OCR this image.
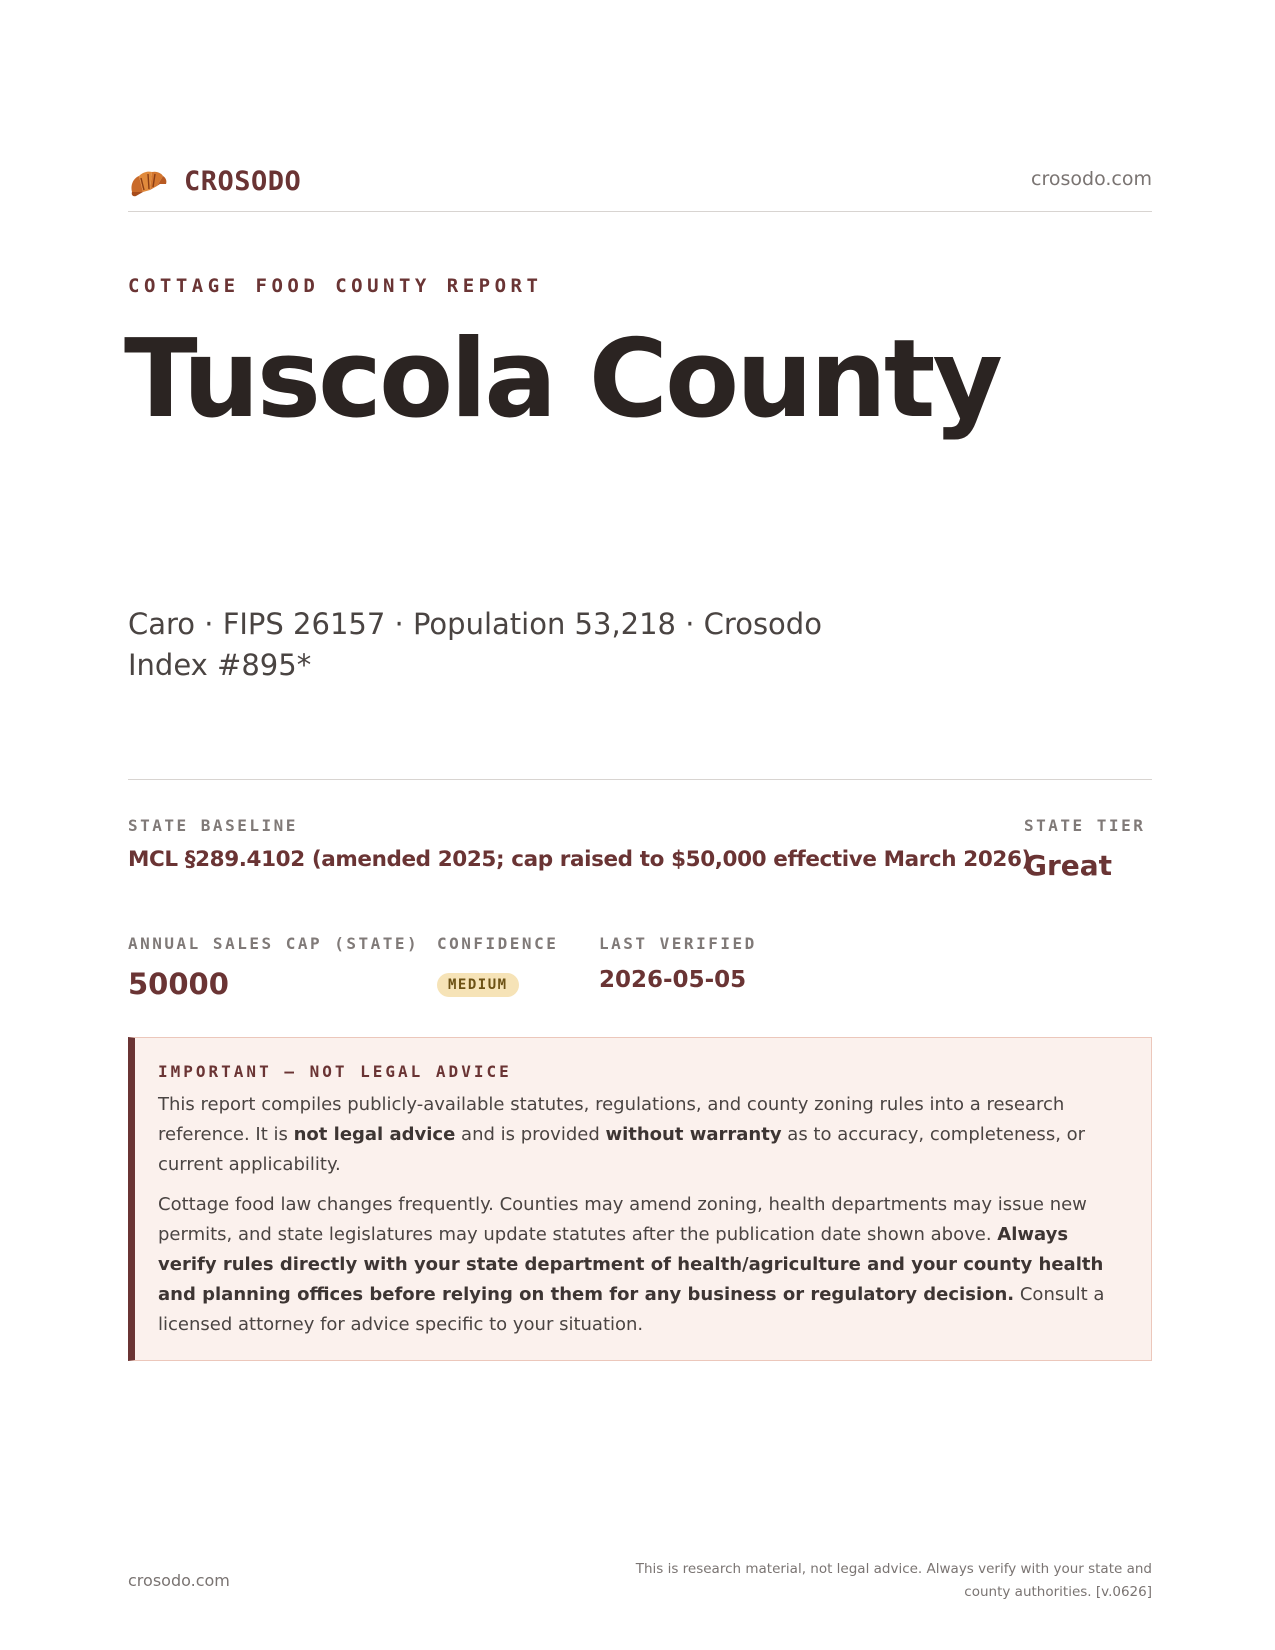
CROSODO	crosodo.com
COTTAGE FOOD COUNTY REPORT
Tuscola County
Caro · FIPS 26157 · Population 53,218 · Crosodo Index #895*
STATE BASELINE
MCL §289.4102 (amended 2025; cap raised to $50,000 effective March 2026)
STATE TIER
Great
ANNUAL SALES CAP (STATE)
50000
CONFIDENCE
MEDIUM
LAST VERIFIED
2026-05-05
IMPORTANT — NOT LEGAL ADVICE

This report compiles publicly-available statutes, regulations, and county zoning rules into a research reference. It is not legal advice and is provided without warranty as to accuracy, completeness, or current applicability.

Cottage food law changes frequently. Counties may amend zoning, health departments may issue new permits, and state legislatures may update statutes after the publication date shown above. Always verify rules directly with your state department of health/agriculture and your county health and planning offices before relying on them for any business or regulatory decision. Consult a licensed attorney for advice specific to your situation.

crosodo.com
This is research material, not legal advice. Always verify with your state and county authorities. [v.0626]
